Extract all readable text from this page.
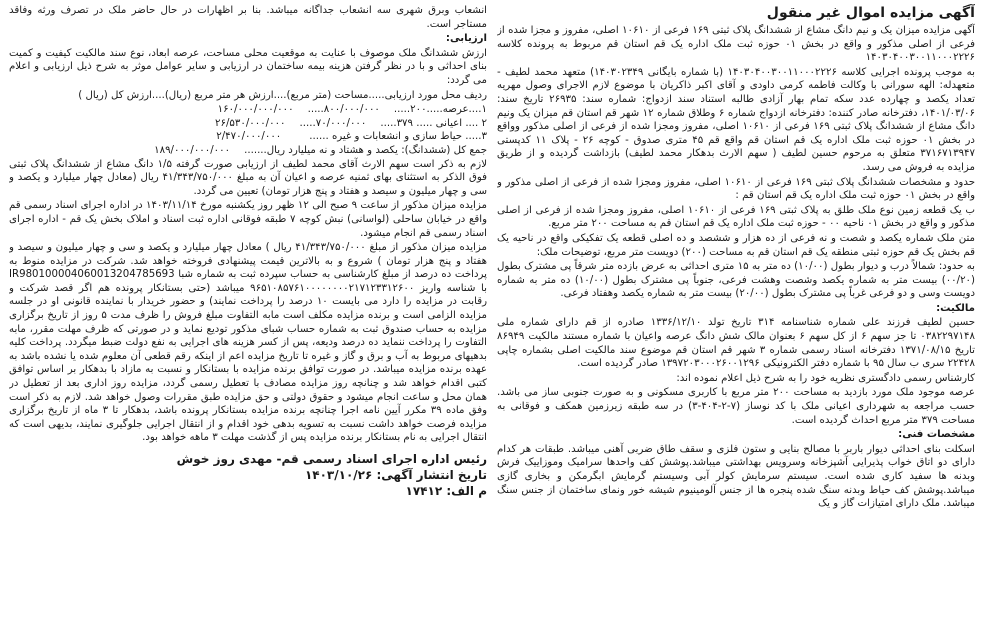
آگهی مزایده اموال غیر منقول

آگهی مزایده میزان یک و نیم دانگ مشاع از ششدانگ پلاک ثبتی ۱۶۹ فرعی از ۱۰۶۱۰ اصلی، مفروز و مجزا شده از فرعی از اصلی مذکور و واقع در بخش ۰۱ حوزه ثبت ملک اداره یک قم استان قم مربوط به پرونده کلاسه ۱۴۰۳۰۴۰۰۳۰۰۱۱۰۰۰۲۲۲۶

به موجب پرونده اجرایی کلاسه ۱۴۰۳۰۴۰۰۳۰۰۱۱۰۰۰۲۲۲۶ (با شماره بایگانی ۱۴۰۳۰۲۳۴۹) متعهد محمد لطیف - متعهدله: الهه سورانی با وکالت فاطمه کرمی داودی و آقای اکبر ذاکریان با موضوع لازم الاجرای وصول مهریه تعداد یکصد و چهارده عدد سکه تمام بهار آزادی طالبه استناد سند ازدواج: شماره سند: ۲۶۹۳۵ تاریخ سند: ۱۴۰۱/۰۳/۰۶، دفترخانه صادر کننده: دفترخانه ازدواج شماره ۶ وطلاق شماره ۱۲ شهر قم استان قم میزان یک ونیم دانگ مشاع از ششدانگ پلاک ثبتی ۱۶۹ فرعی از ۱۰۶۱۰ اصلی، مفروز ومجزا شده از فرعی از اصلی مذکور وواقع در بخش ۰۱ حوزه ثبت ملک اداره یک قم استان قم واقع قم ۴۵ متری صدوق - کوچه ۲۶ - پلاک ۱۱ کدپستی ۳۷۱۶۷۱۳۹۴۷ متعلق به مرحوم حسین لطیف ( سهم الارث بدهکار محمد لطیف) بازداشت گردیده و از طریق مزایده به فروش می رسد.

حدود و مشخصات ششدانگ پلاک ثبتی ۱۶۹ فرعی از ۱۰۶۱۰ اصلی، مفروز ومجزا شده از فرعی از اصلی مذکور و واقع در بخش ۰۱ حوزه ثبت ملک اداره یک قم استان قم :

ب یک قطعه زمین نوع ملک طلق به پلاک ثبتی ۱۶۹ فرعی از ۱۰۶۱۰ اصلی، مفروز ومجزا شده از فرعی از اصلی مذکور و واقع در بخش ۰۱ ناحیه ۰۰ - حوزه ثبت ملک اداره یک قم استان قم به مساحت ۲۰۰ متر مربع.

متن ملک شماره یکصد و شصت و نه فرعی از ده هزار و ششصد و ده اصلی قطعه یک تفکیکی واقع در ناحیه یک قم بخش یک قم حوزه ثبتی منطقه یک قم استان قم به مساحت (۲۰۰) دویست متر مربع، توضیحات ملک:

به حدود: شمالاً درب و دیوار بطول (۱۰/۰۰) ده متر به ۱۵ متری احداثی به عرض بازده متر شرقاً پی مشترک بطول (۰۰/۲۰) بیست متر به شماره یکصد وشصت وهشت فرعی، جنوباً پی مشترک بطول (۱۰/۰۰) ده متر به شماره دویست وسی و دو فرعی غرباً پی مشترک بطول (۲۰/۰۰) بیست متر به شماره یکصد وهفتاد فرعی.

مالکیت:

حسین لطیف فرزند علی شماره شناسنامه ۳۱۴ تاریخ تولد ۱۳۳۶/۱۲/۱۰ صادره از قم دارای شماره ملی ۰۳۸۲۲۹۷۱۴۸ تا جز سهم ۶ از کل سهم ۶ بعنوان مالک شش دانگ عرصه واعیان با شماره مستند مالکیت ۸۶۹۴۹ تاریخ ۱۳۷۱/۰۸/۱۵ دفترخانه اسناد رسمی شماره ۳ شهر قم استان قم موضوع سند مالکیت اصلی بشماره چاپی ۲۲۴۲۸ سری ب سال ۹۵ با شماره دفتر الکترونیکی ۱۳۹۷۲۰۳۰۰۰۲۶۰۰۱۲۹۶ صادر گردیده است.

کارشناس رسمی دادگستری نظریه خود را به شرح ذیل اعلام نموده اند:

عرصه موجود ملک مورد بازدید به مساحت ۲۰۰ متر مربع با کاربری مسکونی و به صورت جنوبی ساز می باشد. حسب مراجعه به شهرداری اعیانی ملک با کد نوساز (۷-۲-۴۰۴-۳) در سه طبقه زیرزمین همکف و فوقانی به مساحت ۳۷۹ متر مربع احداث گردیده است.

مشخصات فنی:

اسکلت بنای احداثی دیوار باربر با مصالح بنایی و ستون فلزی و سقف طاق ضربی آهنی میباشد. طبقات هر کدام دارای دو اتاق خواب پذیرایی آشپزخانه وسرویس بهداشتی میباشد.پوشش کف واحدها سرامیک وموزاییک فرش وبدنه ها سفید کاری شده است. سیستم سرمایش کولر آبی وسیستم گرمایش ابگرمکن و بخاری گازی میباشد.پوشش کف حیاط وبدنه سنگ شده پنجره ها از جنس آلومینیوم شیشه خور ونمای ساختمان از جنس سنگ میباشد. ملک دارای امتیازات گاز و یک

انشعاب وبرق شهری سه انشعاب جداگانه میباشد. بنا بر اظهارات در حال حاضر ملک در تصرف ورثه وفاقد مستاجر است.

ارزیابی:

ارزش ششدانگ ملک موصوف با عنایت به موقعیت محلی مساحت، عرصه ابعاد، نوع سند مالکیت کیفیت و کمیت بنای احداثی و با در نظر گرفتن هزینه بیمه ساختمان در ارزیابی و سایر عوامل موثر به شرح ذیل ارزیابی و اعلام می گردد:

ردیف محل مورد ارزیابی.....مساحت (متر مربع)....ارزش هر متر مربع (ریال)....ارزش کل (ریال )

۱....عرصه.....۲۰۰.....
۸۰۰/۰۰۰/۰۰۰.....
۱۶۰/۰۰۰/۰۰۰/۰۰۰
۲ .... اعیانی ..... ۳۷۹.....
۷۰/۰۰۰/۰۰۰.....
۲۶/۵۳۰/۰۰۰/۰۰۰
۳..... حیاط سازی و انشعابات و غیره ......
۲/۴۷۰/۰۰۰/۰۰۰
جمع کل (ششدانگ): یکصد و هشتاد و نه میلیارد ریال.......
۱۸۹/۰۰۰/۰۰۰/۰۰۰

لازم به ذکر است سهم الارث آقای محمد لطیف از ارزیابی صورت گرفته ۱/۵ دانگ مشاع از ششدانگ پلاک ثبتی فوق الذکر به استثنای بهای ثمنیه عرصه و اعیان آن به مبلغ ۴۱/۳۴۳/۷۵۰/۰۰۰ ریال (معادل چهار میلیارد و یکصد و سی و چهار میلیون و سیصد و هفتاد و پنج هزار تومان) تعیین می گردد.

مزایده میزان مذکور از ساعت ۹ صبح الی ۱۲ ظهر روز یکشنبه مورخ ۱۴۰۳/۱۱/۱۴ در اداره اجرای اسناد رسمی قم واقع در خیابان ساحلی (لواسانی) نبش کوچه ۷ طبقه فوقانی اداره ثبت اسناد و املاک بخش یک قم - اداره اجرای اسناد رسمی قم انجام میشود.

مزایده میزان مذکور از مبلغ ۴۱/۳۴۳/۷۵۰/۰۰۰ ریال ) معادل چهار میلیارد و یکصد و سی و چهار میلیون و سیصد و هفتاد و پنج هزار تومان ) شروع و به بالاترین قیمت پیشنهادی فروخته خواهد شد. شرکت در مزایده منوط به پرداخت ده درصد از مبلغ کارشناسی به حساب سپرده ثبت به شماره شبا IR980100004060013204785693 با شناسه واریز ۹۶۵۱۰۸۵۷۶۱۰۰۰۰۰۰۰۰۲۱۷۱۲۳۳۱۲۶۰۰ میباشد (حتی بستانکار پرونده هم اگر قصد شرکت و رقابت در مزایده را دارد می بایست ۱۰ درصد را پرداخت نمایند) و حضور خریدار با نماینده قانونی او در جلسه مزایده الزامی است و برنده مزایده مکلف است مابه التفاوت مبلغ فروش را ظرف مدت ۵ روز از تاریخ برگزاری مزایده به حساب صندوق ثبت به شماره حساب شبای مذکور تودیع نماید و در صورتی که ظرف مهلت مقرر، مابه التفاوت را پرداخت ننماید ده درصد ودیعه، پس از کسر هزینه های اجرایی به نفع دولت ضبط میگردد. پرداخت کلیه بدهیهای مربوط به آب و برق و گاز و غیره تا تاریخ مزایده اعم از اینکه رقم قطعی آن معلوم شده یا نشده باشد به عهده برنده مزایده میباشد. در صورت توافق برنده مزایده با بستانکار و نسبت به مازاد با بدهکار بر اساس توافق کتبی اقدام خواهد شد و چنانچه روز مزایده مصادف با تعطیل رسمی گردد، مزایده روز اداری بعد از تعطیل در همان محل و ساعت انجام میشود و حقوق دولتی و حق مزایده طبق مقررات وصول خواهد شد. لازم به ذکر است وفق ماده ۳۹ مکرر آیین نامه اجرا چنانچه برنده مزایده بستانکار پرونده باشد، بدهکار تا ۳ ماه از تاریخ برگزاری مزایده فرصت خواهد داشت نسبت به تسویه بدهی خود اقدام و از انتقال اجرایی جلوگیری نمایند، بدیهی است که انتقال اجرایی به نام بستانکار برنده مزایده پس از گذشت مهلت ۳ ماهه خواهد بود.

رئیس اداره اجرای اسناد رسمی قم- مهدی روز خوش
تاریخ انتشار آگهی: ۱۴۰۳/۱۰/۲۶
م الف: ۱۷۴۱۲
